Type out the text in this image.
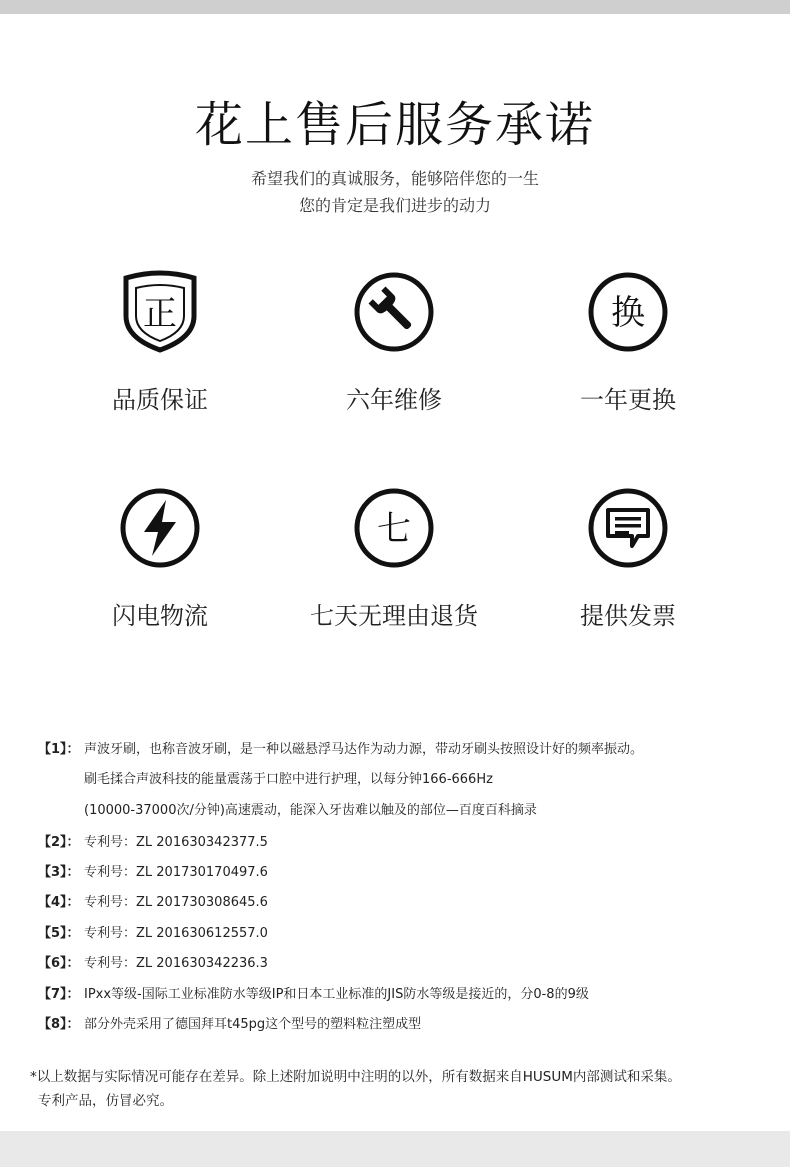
花上售后服务承诺
希望我们的真诚服务，能够陪伴您的一生
您的肯定是我们进步的动力
正
品质保证	六年维修
换
一年更换
闪电物流
七
七天无理由退货	提供发票
【1】： 声波牙刷，也称音波牙刷，是一种以磁悬浮马达作为动力源，带动牙刷头按照设计好的频率振动。
刷毛揉合声波科技的能量震荡于口腔中进行护理，以每分钟166-666Hz
(10000-37000次/分钟)高速震动，能深入牙齿难以触及的部位—百度百科摘录
【2】： 专利号：ZL 201630342377.5
【3】： 专利号：ZL 201730170497.6
【4】： 专利号：ZL 201730308645.6
【5】： 专利号：ZL 201630612557.0
【6】： 专利号：ZL 201630342236.3
【7】： IPxx等级-国际工业标准防水等级IP和日本工业标准的JIS防水等级是接近的，分0-8的9级
【8】： 部分外壳采用了德国拜耳t45pg这个型号的塑料粒注塑成型
*以上数据与实际情况可能存在差异。除上述附加说明中注明的以外，所有数据来自HUSUM内部测试和采集。
专利产品，仿冒必究。
